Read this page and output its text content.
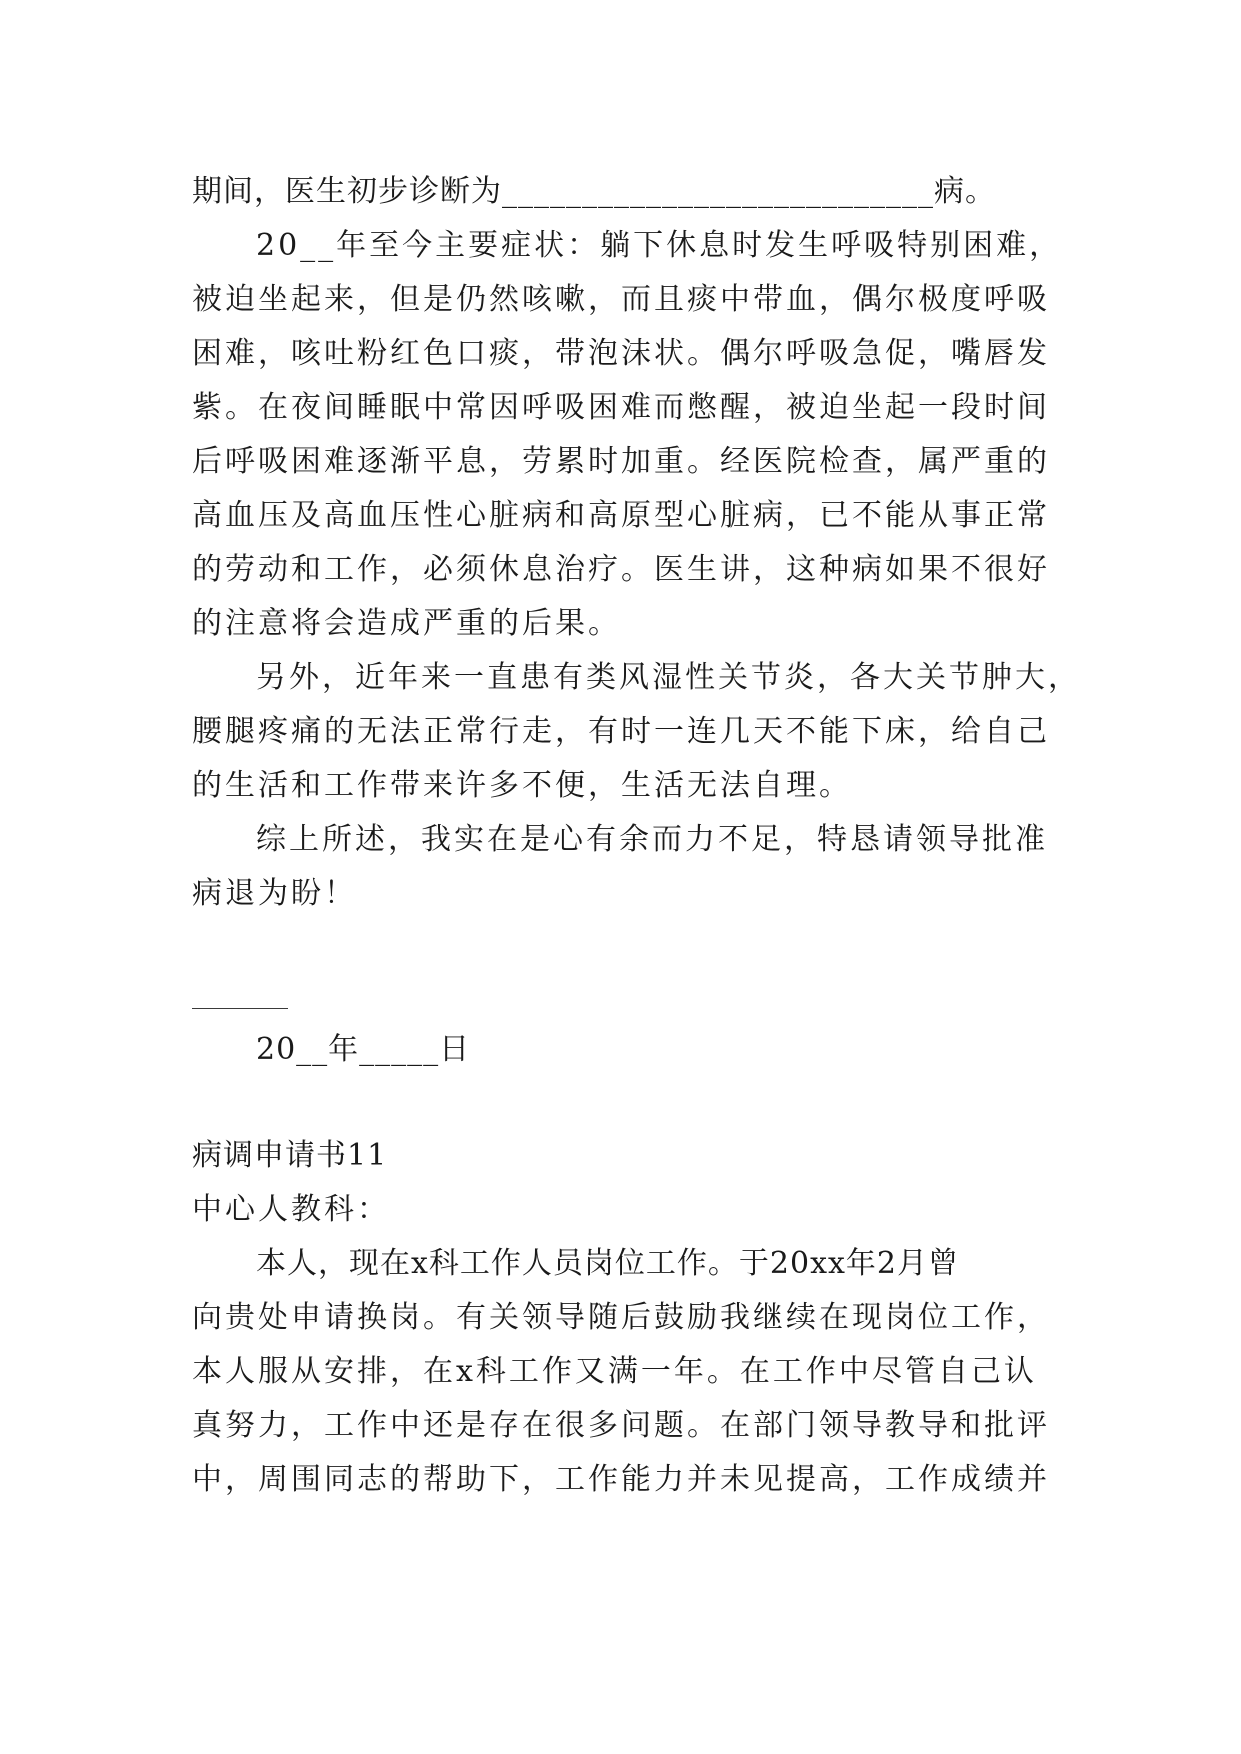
期间，医生初步诊断为___________________________病。
20__年至今主要症状：躺下休息时发生呼吸特别困难，
被迫坐起来，但是仍然咳嗽，而且痰中带血，偶尔极度呼吸
困难，咳吐粉红色口痰，带泡沫状。偶尔呼吸急促，嘴唇发
紫。在夜间睡眠中常因呼吸困难而憋醒，被迫坐起一段时间
后呼吸困难逐渐平息，劳累时加重。经医院检查，属严重的
高血压及高血压性心脏病和高原型心脏病，已不能从事正常
的劳动和工作，必须休息治疗。医生讲，这种病如果不很好
的注意将会造成严重的后果。
另外，近年来一直患有类风湿性关节炎，各大关节肿大，
腰腿疼痛的无法正常行走，有时一连几天不能下床，给自己
的生活和工作带来许多不便，生活无法自理。
综上所述，我实在是心有余而力不足，特恳请领导批准
病退为盼！
20__年_____日
病调申请书11
中心人教科：
本人，现在x科工作人员岗位工作。于20xx年2月曾
向贵处申请换岗。有关领导随后鼓励我继续在现岗位工作，
本人服从安排，在x科工作又满一年。在工作中尽管自己认
真努力，工作中还是存在很多问题。在部门领导教导和批评
中，周围同志的帮助下，工作能力并未见提高，工作成绩并
